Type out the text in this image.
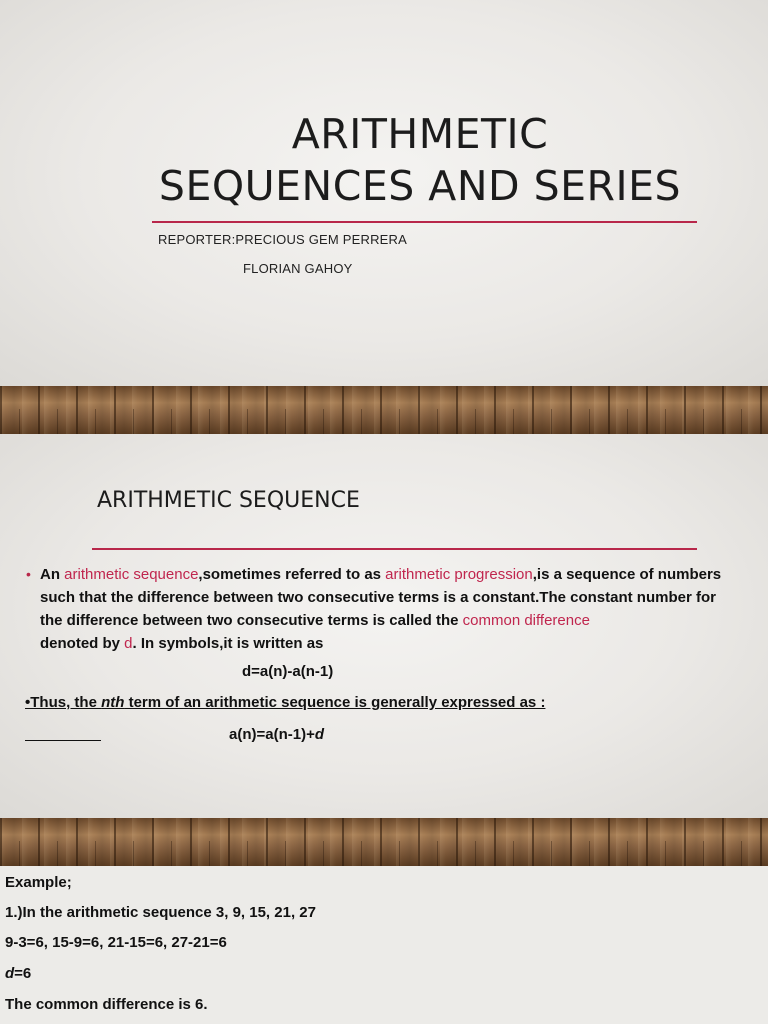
ARITHMETIC
SEQUENCES AND SERIES
REPORTER:PRECIOUS GEM PERRERA
FLORIAN GAHOY
ARITHMETIC SEQUENCE
• An arithmetic sequence,sometimes referred to as arithmetic progression,is a sequence of numbers such that the difference between two consecutive terms is a constant.The constant number for the difference between two consecutive terms is called the common difference
denoted by d. In symbols,it is written as
d=a(n)-a(n-1)
•Thus, the nth term of an arithmetic sequence is generally expressed as :
a(n)=a(n-1)+d
Example;
1.)In the arithmetic sequence 3, 9, 15, 21, 27
9-3=6, 15-9=6, 21-15=6, 27-21=6
d=6
The common difference is 6.
